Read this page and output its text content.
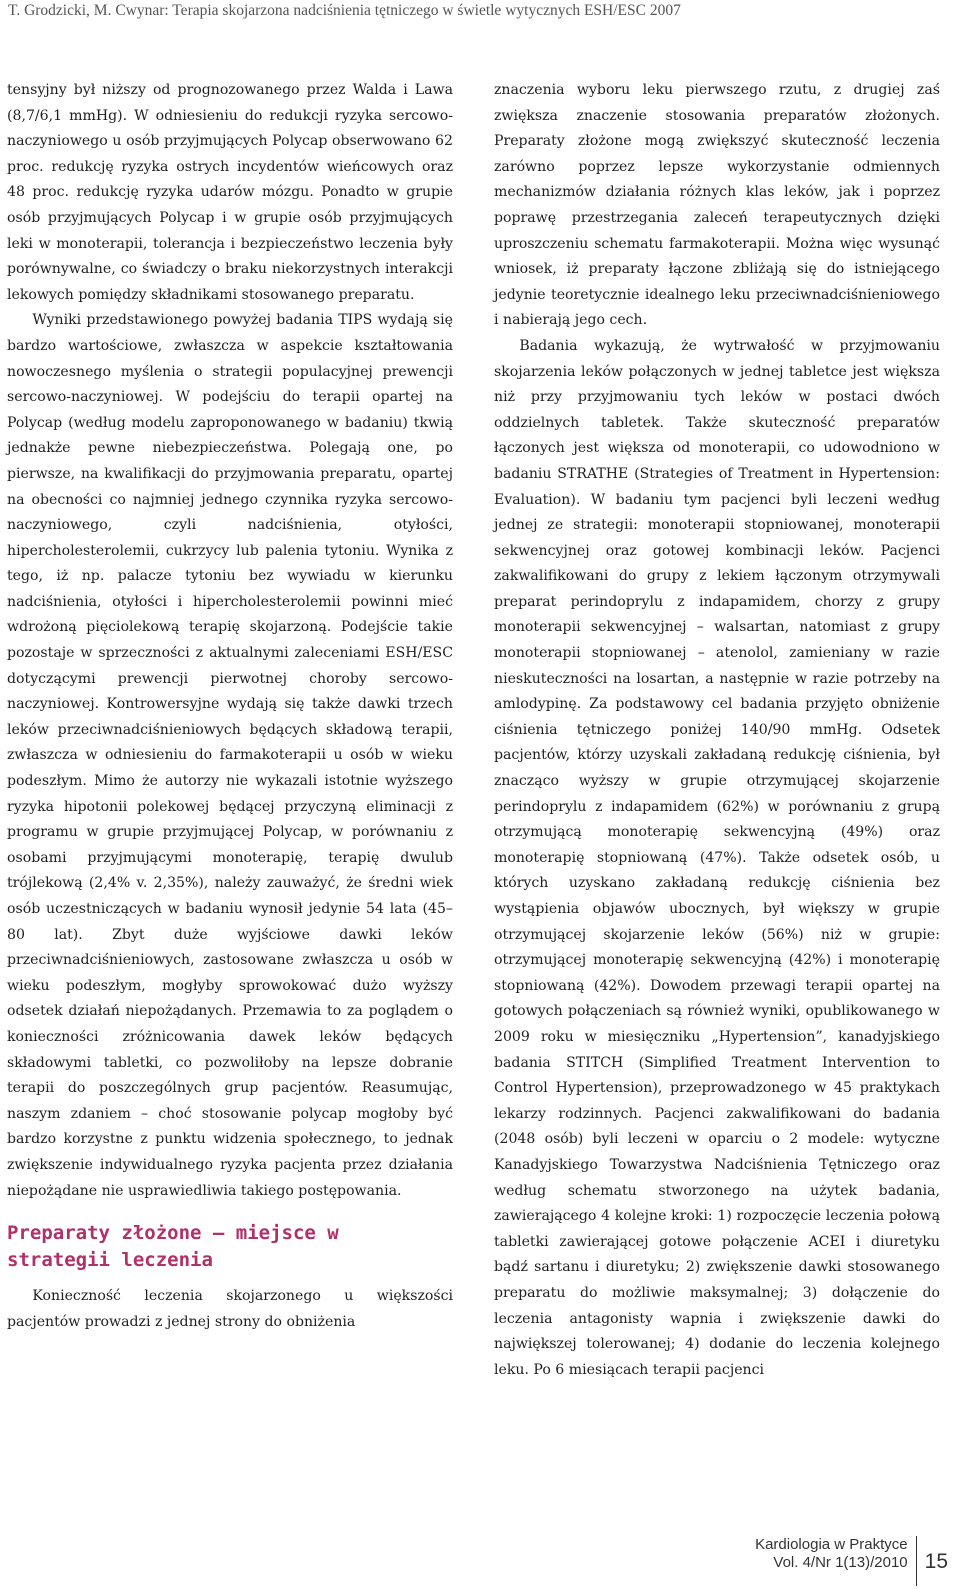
T. Grodzicki, M. Cwynar: Terapia skojarzona nadciśnienia tętniczego w świetle wytycznych ESH/ESC 2007

tensyjny był niższy od prognozowanego przez Walda i Lawa (8,7/6,1 mmHg). W odniesieniu do redukcji ryzyka sercowo-naczyniowego u osób przyjmujących Polycap obserwowano 62 proc. redukcję ryzyka ostrych incydentów wieńcowych oraz 48 proc. redukcję ryzyka udarów mózgu. Ponadto w grupie osób przyjmujących Polycap i w grupie osób przyjmujących leki w monoterapii, tolerancja i bezpieczeństwo leczenia były porównywalne, co świadczy o braku niekorzystnych interakcji lekowych pomiędzy składnikami stosowanego preparatu.

Wyniki przedstawionego powyżej badania TIPS wydają się bardzo wartościowe, zwłaszcza w aspekcie kształtowania nowoczesnego myślenia o strategii populacyjnej prewencji sercowo-naczyniowej. W podejściu do terapii opartej na Polycap (według modelu zaproponowanego w badaniu) tkwią jednakże pewne niebezpieczeństwa. Polegają one, po pierwsze, na kwalifikacji do przyjmowania preparatu, opartej na obecności co najmniej jednego czynnika ryzyka sercowo-naczyniowego, czyli nadciśnienia, otyłości, hipercholesterolemii, cukrzycy lub palenia tytoniu. Wynika z tego, iż np. palacze tytoniu bez wywiadu w kierunku nadciśnienia, otyłości i hipercholesterolemii powinni mieć wdrożoną pięciolekową terapię skojarzoną. Podejście takie pozostaje w sprzeczności z aktualnymi zaleceniami ESH/ESC dotyczącymi prewencji pierwotnej choroby sercowo-naczyniowej. Kontrowersyjne wydają się także dawki trzech leków przeciwnadciśnieniowych będących składową terapii, zwłaszcza w odniesieniu do farmakoterapii u osób w wieku podeszłym. Mimo że autorzy nie wykazali istotnie wyższego ryzyka hipotonii polekowej będącej przyczyną eliminacji z programu w grupie przyjmującej Polycap, w porównaniu z osobami przyjmującymi monoterapię, terapię dwulub trójlekową (2,4% v. 2,35%), należy zauważyć, że średni wiek osób uczestniczących w badaniu wynosił jedynie 54 lata (45–80 lat). Zbyt duże wyjściowe dawki leków przeciwnadciśnieniowych, zastosowane zwłaszcza u osób w wieku podeszłym, mogłyby sprowokować dużo wyższy odsetek działań niepożądanych. Przemawia to za poglądem o konieczności zróżnicowania dawek leków będących składowymi tabletki, co pozwoliłoby na lepsze dobranie terapii do poszczególnych grup pacjentów. Reasumując, naszym zdaniem – choć stosowanie polycap mogłoby być bardzo korzystne z punktu widzenia społecznego, to jednak zwiększenie indywidualnego ryzyka pacjenta przez działania niepożądane nie usprawiedliwia takiego postępowania.

Preparaty złożone – miejsce w strategii leczenia

Konieczność leczenia skojarzonego u większości pacjentów prowadzi z jednej strony do obniżenia

znaczenia wyboru leku pierwszego rzutu, z drugiej zaś zwiększa znaczenie stosowania preparatów złożonych. Preparaty złożone mogą zwiększyć skuteczność leczenia zarówno poprzez lepsze wykorzystanie odmiennych mechanizmów działania różnych klas leków, jak i poprzez poprawę przestrzegania zaleceń terapeutycznych dzięki uproszczeniu schematu farmakoterapii. Można więc wysunąć wniosek, iż preparaty łączone zbliżają się do istniejącego jedynie teoretycznie idealnego leku przeciwnadciśnieniowego i nabierają jego cech.

Badania wykazują, że wytrwałość w przyjmowaniu skojarzenia leków połączonych w jednej tabletce jest większa niż przy przyjmowaniu tych leków w postaci dwóch oddzielnych tabletek. Także skuteczność preparatów łączonych jest większa od monoterapii, co udowodniono w badaniu STRATHE (Strategies of Treatment in Hypertension: Evaluation). W badaniu tym pacjenci byli leczeni według jednej ze strategii: monoterapii stopniowanej, monoterapii sekwencyjnej oraz gotowej kombinacji leków. Pacjenci zakwalifikowani do grupy z lekiem łączonym otrzymywali preparat perindoprylu z indapamidem, chorzy z grupy monoterapii sekwencyjnej – walsartan, natomiast z grupy monoterapii stopniowanej – atenolol, zamieniany w razie nieskuteczności na losartan, a następnie w razie potrzeby na amlodypinę. Za podstawowy cel badania przyjęto obniżenie ciśnienia tętniczego poniżej 140/90 mmHg. Odsetek pacjentów, którzy uzyskali zakładaną redukcję ciśnienia, był znacząco wyższy w grupie otrzymującej skojarzenie perindoprylu z indapamidem (62%) w porównaniu z grupą otrzymującą monoterapię sekwencyjną (49%) oraz monoterapię stopniowaną (47%). Także odsetek osób, u których uzyskano zakładaną redukcję ciśnienia bez wystąpienia objawów ubocznych, był większy w grupie otrzymującej skojarzenie leków (56%) niż w grupie: otrzymującej monoterapię sekwencyjną (42%) i monoterapię stopniowaną (42%). Dowodem przewagi terapii opartej na gotowych połączeniach są również wyniki, opublikowanego w 2009 roku w miesięczniku „Hypertension”, kanadyjskiego badania STITCH (Simplified Treatment Intervention to Control Hypertension), przeprowadzonego w 45 praktykach lekarzy rodzinnych. Pacjenci zakwalifikowani do badania (2048 osób) byli leczeni w oparciu o 2 modele: wytyczne Kanadyjskiego Towarzystwa Nadciśnienia Tętniczego oraz według schematu stworzonego na użytek badania, zawierającego 4 kolejne kroki: 1) rozpoczęcie leczenia połową tabletki zawierającej gotowe połączenie ACEI i diuretyku bądź sartanu i diuretyku; 2) zwiększenie dawki stosowanego preparatu do możliwie maksymalnej; 3) dołączenie do leczenia antagonisty wapnia i zwiększenie dawki do największej tolerowanej; 4) dodanie do leczenia kolejnego leku. Po 6 miesiącach terapii pacjenci

Kardiologia w Praktyce
Vol. 4/Nr 1(13)/2010 15
